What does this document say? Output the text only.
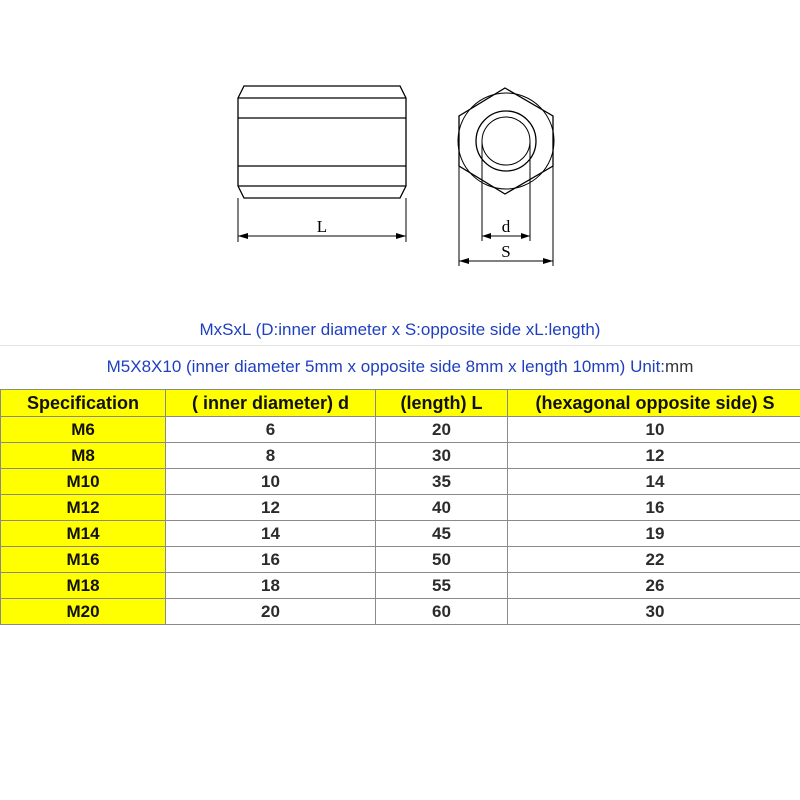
L	d
S
MxSxL (D:inner diameter x S:opposite side xL:length)
M5X8X10 (inner diameter 5mm x opposite side 8mm x length 10mm) Unit:mm
Specification	( inner diameter) d	(length) L	(hexagonal opposite side) S
M6	6	20	10
M8	8	30	12
M10	10	35	14
M12	12	40	16
M14	14	45	19
M16	16	50	22
M18	18	55	26
M20	20	60	30
